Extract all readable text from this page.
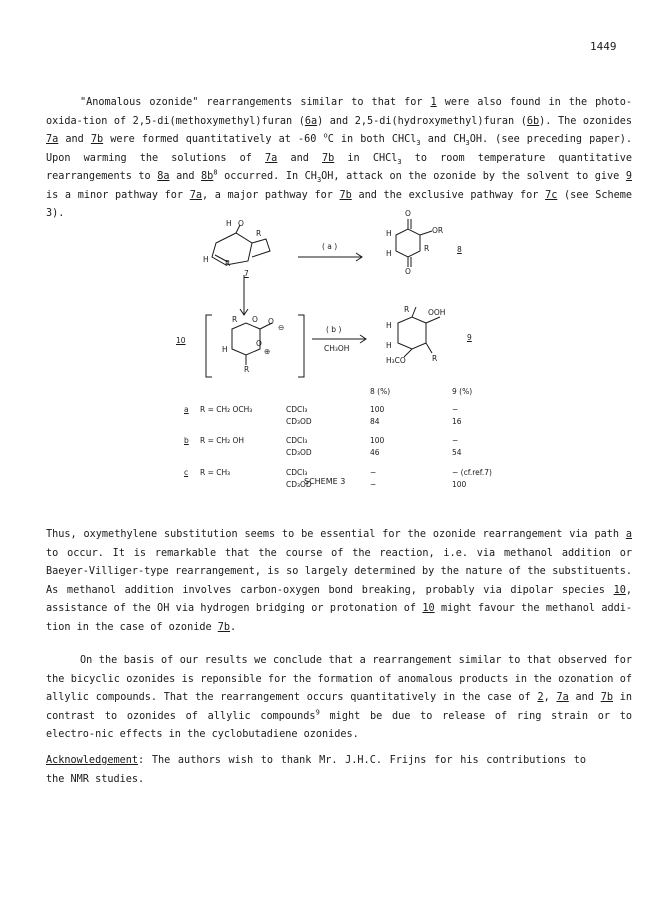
1449

"Anomalous ozonide" rearrangements similar to that for 1 were also found in the photo-oxida-tion of 2,5-di(methoxymethyl)furan (6a) and 2,5-di(hydroxymethyl)furan (6b). The ozonides 7a and 7b were formed quantitatively at -60 $^o$C in both CHCl$_3$ and $CH_3OH$. (see preceding paper). Upon warming the solutions of 7a and 7b in CHCl$_3$ to room temperature quantitative rearrangements to 8a and $8b^8$ occurred. In $CH_3OH$, attack on the ozonide by the solvent to give 9 is a minor pathway for 7a, a major pathway for 7b and the exclusive pathway for 7c (see Scheme 3).

H O
R
H R
7
( a )
O
H	OR
R
H
O
8
10
R O O
⊖
H
O
⊕
R
( b )
CH₃OH
R	OOH
H
H
H₃CO	R
9
8 (%)	9 (%)
a R = CH₂ OCH₃	CDCl₃	100	−
CD₃OD	84	16
b R = CH₂ OH	CDCl₃	100	−
CD₃OD	46	54
c R = CH₃	CDCl₃	−	− (cf.ref.7)
CD₃OD	−	100
SCHEME 3

Thus, oxymethylene substitution seems to be essential for the ozonide rearrangement via path a to occur. It is remarkable that the course of the reaction, i.e. via methanol addition or Baeyer-Villiger-type rearrangement, is so largely determined by the nature of the substituents. As methanol addition involves carbon-oxygen bond breaking, probably via dipolar species 10, assistance of the OH via hydrogen bridging or protonation of 10 might favour the methanol addi-tion in the case of ozonide 7b.

On the basis of our results we conclude that a rearrangement similar to that observed for the bicyclic ozonides is reponsible for the formation of anomalous products in the ozonation of allylic compounds. That the rearrangement occurs quantitatively in the case of 2, 7a and 7b in contrast to ozonides of allylic compounds$^9$ might be due to release of ring strain or to electro-nic effects in the cyclobutadiene ozonides.

Acknowledgement: The authors wish to thank Mr. J.H.C. Frijns for his contributions to the NMR studies.
